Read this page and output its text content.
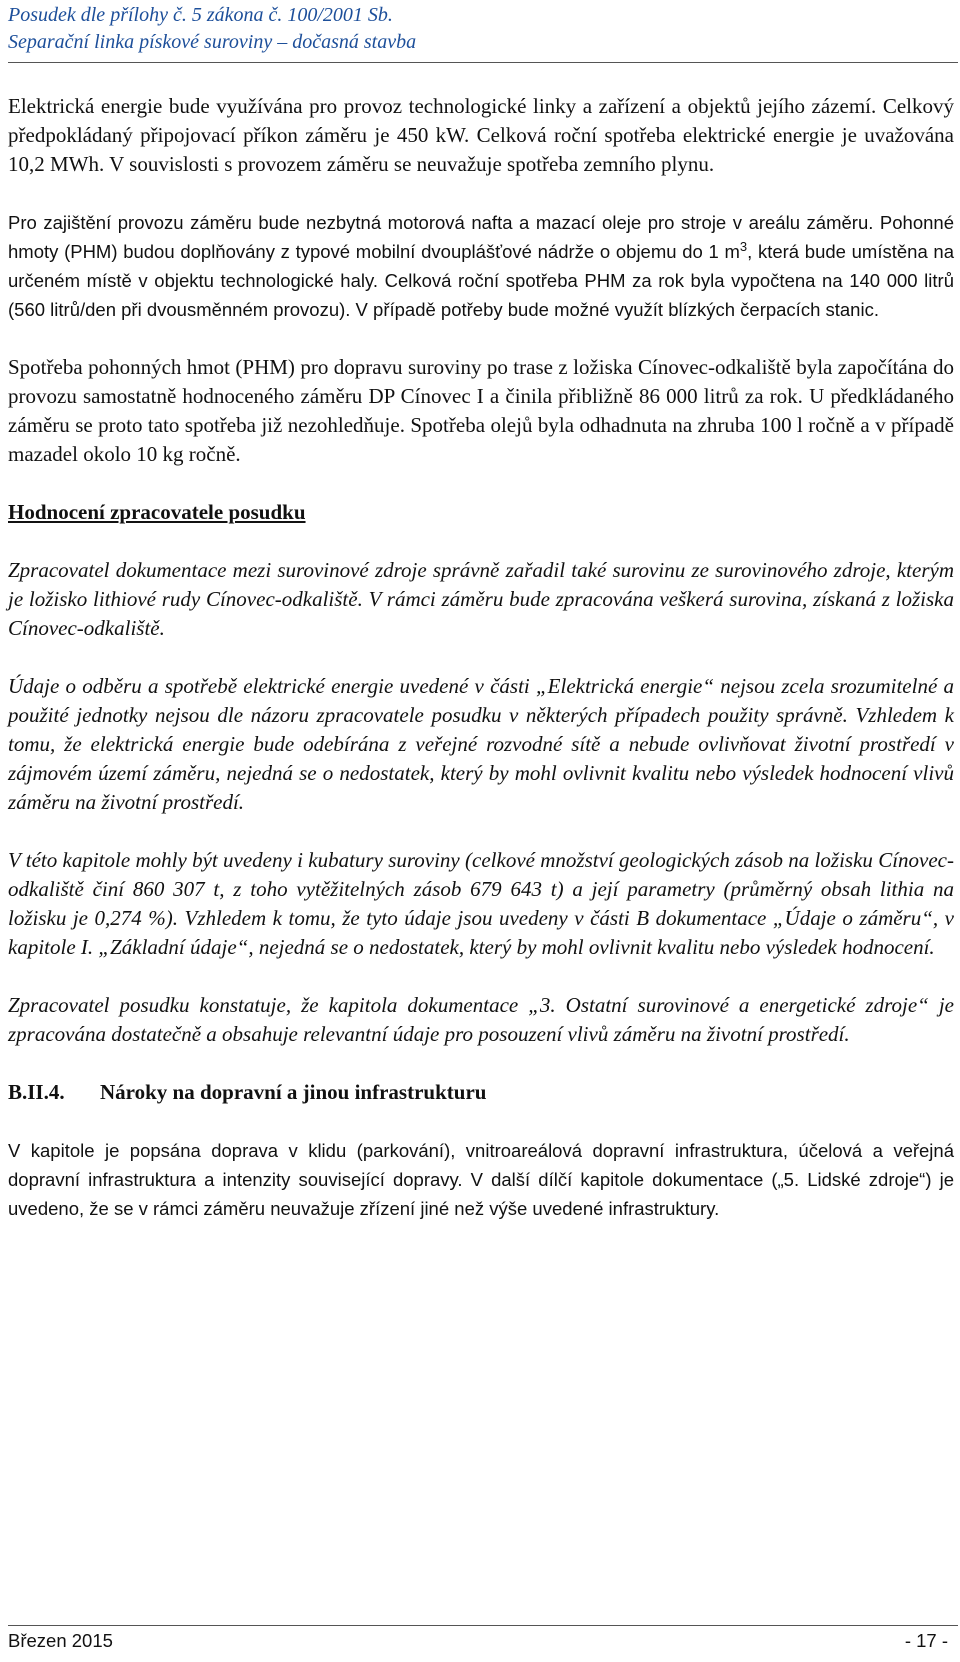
Posudek dle přílohy č. 5 zákona č. 100/2001 Sb.
Separační linka pískové suroviny – dočasná stavba

Elektrická energie bude využívána pro provoz technologické linky a zařízení a objektů jejího zázemí. Celkový předpokládaný připojovací příkon záměru je 450 kW. Celková roční spotřeba elektrické energie je uvažována 10,2 MWh. V souvislosti s provozem záměru se neuvažuje spotřeba zemního plynu.

Pro zajištění provozu záměru bude nezbytná motorová nafta a mazací oleje pro stroje v areálu záměru. Pohonné hmoty (PHM) budou doplňovány z typové mobilní dvouplášťové nádrže o objemu do 1 $m^3$, která bude umístěna na určeném místě v objektu technologické haly. Celková roční spotřeba PHM za rok byla vypočtena na 140 000 litrů (560 litrů/den při dvousměnném provozu). V případě potřeby bude možné využít blízkých čerpacích stanic.

Spotřeba pohonných hmot (PHM) pro dopravu suroviny po trase z ložiska Cínovec-odkaliště byla započítána do provozu samostatně hodnoceného záměru DP Cínovec I a činila přibližně 86 000 litrů za rok. U předkládaného záměru se proto tato spotřeba již nezohledňuje. Spotřeba olejů byla odhadnuta na zhruba 100 l ročně a v případě mazadel okolo 10 kg ročně.

Hodnocení zpracovatele posudku

Zpracovatel dokumentace mezi surovinové zdroje správně zařadil také surovinu ze surovinového zdroje, kterým je ložisko lithiové rudy Cínovec-odkaliště. V rámci záměru bude zpracována veškerá surovina, získaná z ložiska Cínovec-odkaliště.

Údaje o odběru a spotřebě elektrické energie uvedené v části „Elektrická energie“ nejsou zcela srozumitelné a použité jednotky nejsou dle názoru zpracovatele posudku v některých případech použity správně. Vzhledem k tomu, že elektrická energie bude odebírána z veřejné rozvodné sítě a nebude ovlivňovat životní prostředí v zájmovém území záměru, nejedná se o nedostatek, který by mohl ovlivnit kvalitu nebo výsledek hodnocení vlivů záměru na životní prostředí.

V této kapitole mohly být uvedeny i kubatury suroviny (celkové množství geologických zásob na ložisku Cínovec-odkaliště činí 860 307 t, z toho vytěžitelných zásob 679 643 t) a její parametry (průměrný obsah lithia na ložisku je 0,274 %). Vzhledem k tomu, že tyto údaje jsou uvedeny v části B dokumentace „Údaje o záměru“, v kapitole I. „Základní údaje“, nejedná se o nedostatek, který by mohl ovlivnit kvalitu nebo výsledek hodnocení.

Zpracovatel posudku konstatuje, že kapitola dokumentace „3. Ostatní surovinové a energetické zdroje“ je zpracována dostatečně a obsahuje relevantní údaje pro posouzení vlivů záměru na životní prostředí.

B.II.4. Nároky na dopravní a jinou infrastrukturu

V kapitole je popsána doprava v klidu (parkování), vnitroareálová dopravní infrastruktura, účelová a veřejná dopravní infrastruktura a intenzity související dopravy. V další dílčí kapitole dokumentace („5. Lidské zdroje“) je uvedeno, že se v rámci záměru neuvažuje zřízení jiné než výše uvedené infrastruktury.

Březen 2015	- 17 -
